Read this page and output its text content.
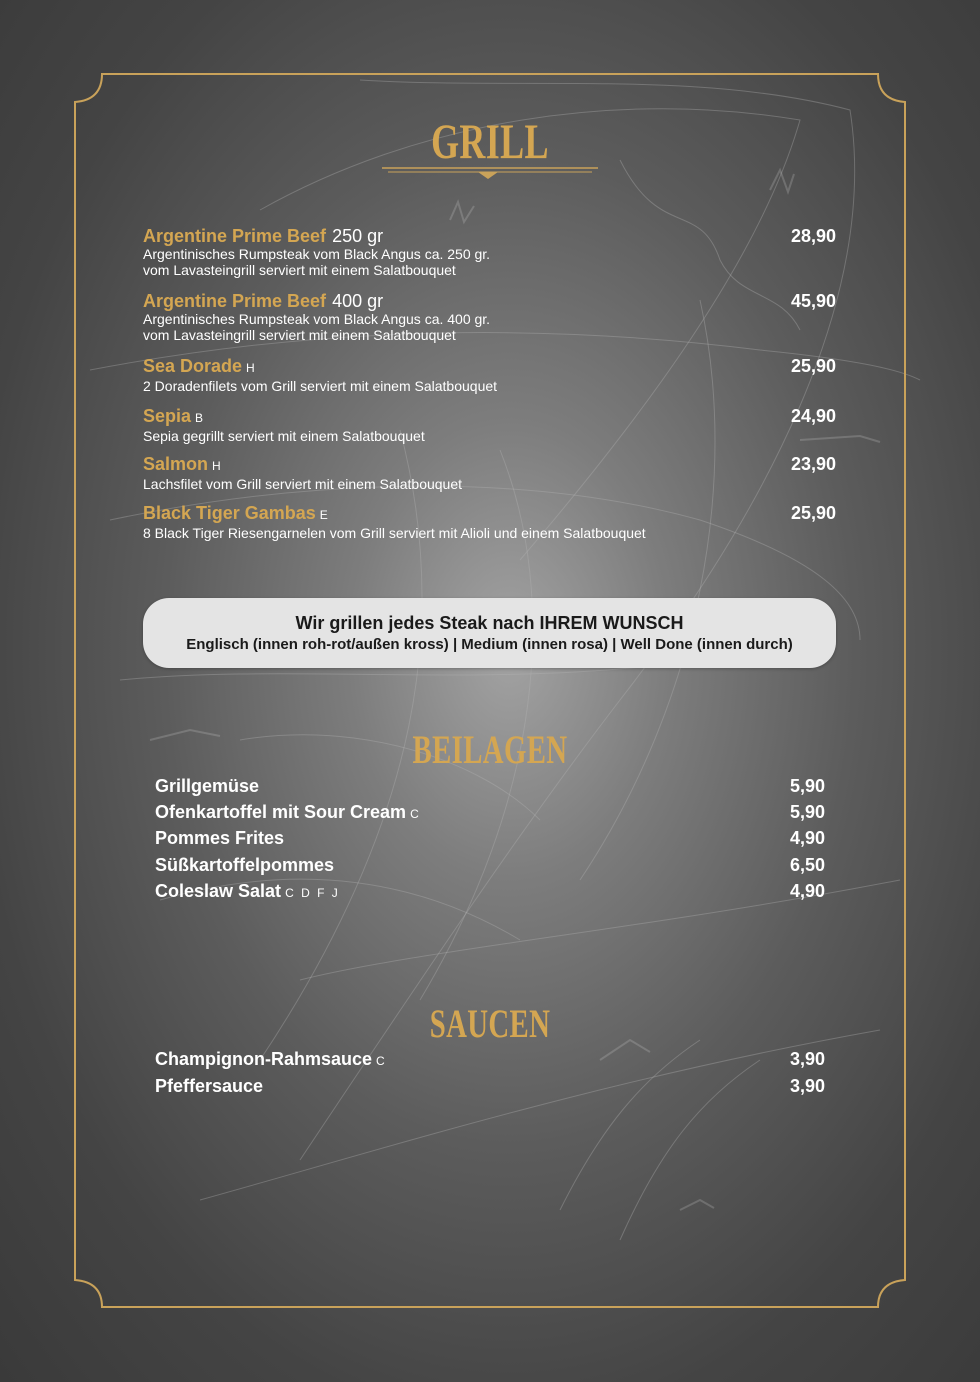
GRILL
Argentine Prime Beef 250 gr
Argentinisches Rumpsteak vom Black Angus ca. 250 gr.
vom Lavasteingrill serviert mit einem Salatbouquet
28,90
Argentine Prime Beef 400 gr
Argentinisches Rumpsteak vom Black Angus ca. 400 gr.
vom Lavasteingrill serviert mit einem Salatbouquet
45,90
Sea Dorade H
2 Doradenfilets vom Grill serviert mit einem Salatbouquet
25,90
Sepia B
Sepia gegrillt serviert mit einem Salatbouquet
24,90
Salmon H
Lachsfilet vom Grill serviert mit einem Salatbouquet
23,90
Black Tiger Gambas E
8 Black Tiger Riesengarnelen vom Grill serviert mit Alioli und einem Salatbouquet
25,90
Wir grillen jedes Steak nach IHREM WUNSCH
Englisch (innen roh-rot/außen kross) | Medium (innen rosa) | Well Done (innen durch)
BEILAGEN
Grillgemüse	5,90
Ofenkartoffel mit Sour Cream C	5,90
Pommes Frites	4,90
Süßkartoffelpommes	6,50
Coleslaw Salat C D F J	4,90
SAUCEN
Champignon-Rahmsauce C	3,90
Pfeffersauce	3,90
